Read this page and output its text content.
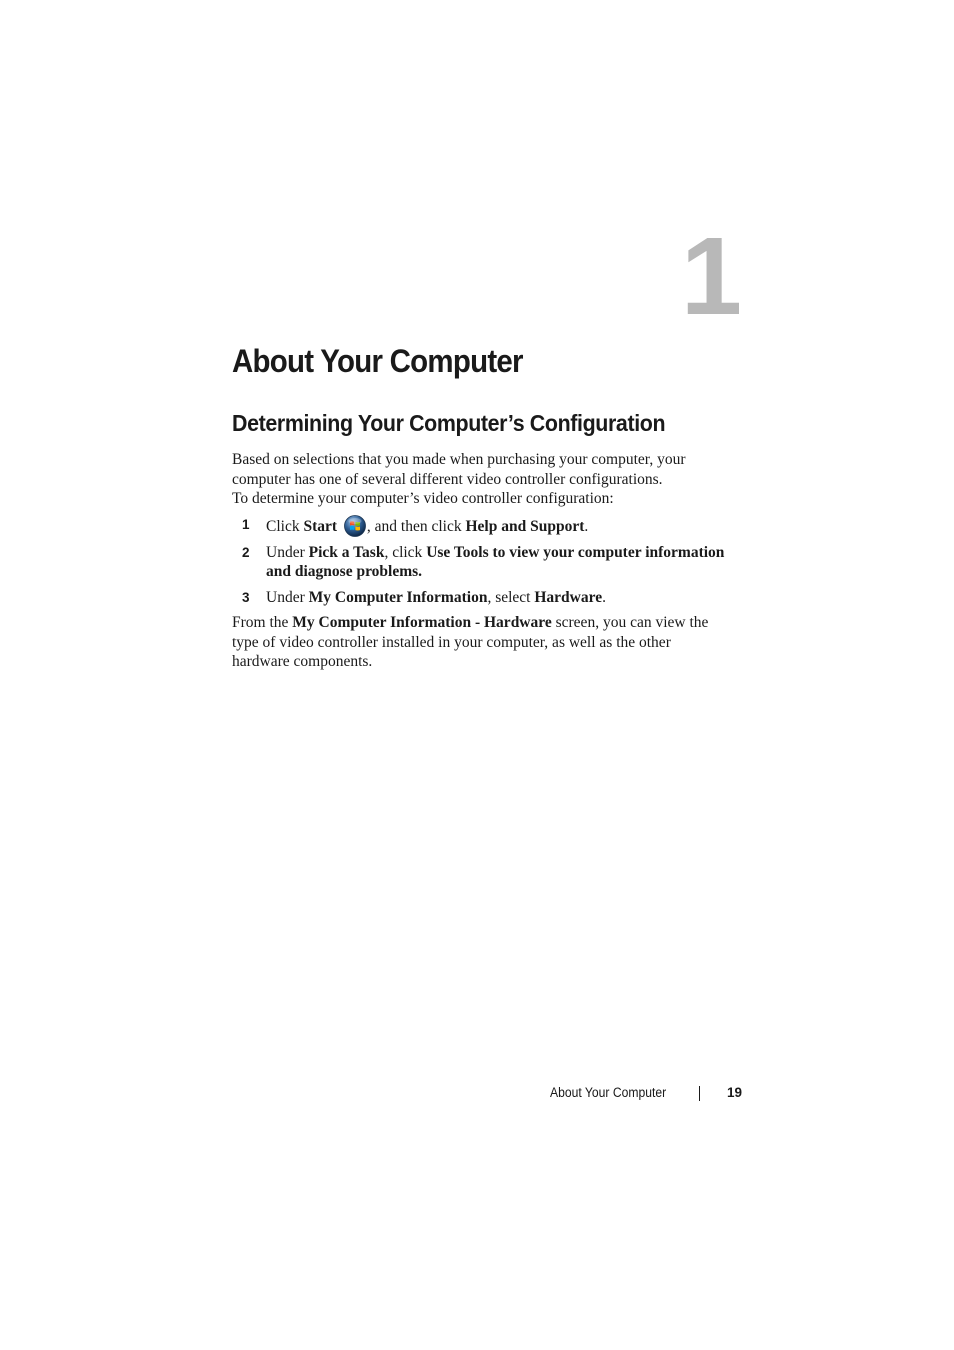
1
About Your Computer
Determining Your Computer’s Configuration

Based on selections that you made when purchasing your computer, your computer has one of several different video controller configurations.

To determine your computer’s video controller configuration:

1 Click Start , and then click Help and Support.
2 Under Pick a Task, click Use Tools to view your computer information and diagnose problems.
3 Under My Computer Information, select Hardware.

From the My Computer Information - Hardware screen, you can view the type of video controller installed in your computer, as well as the other hardware components.

About Your Computer	19
